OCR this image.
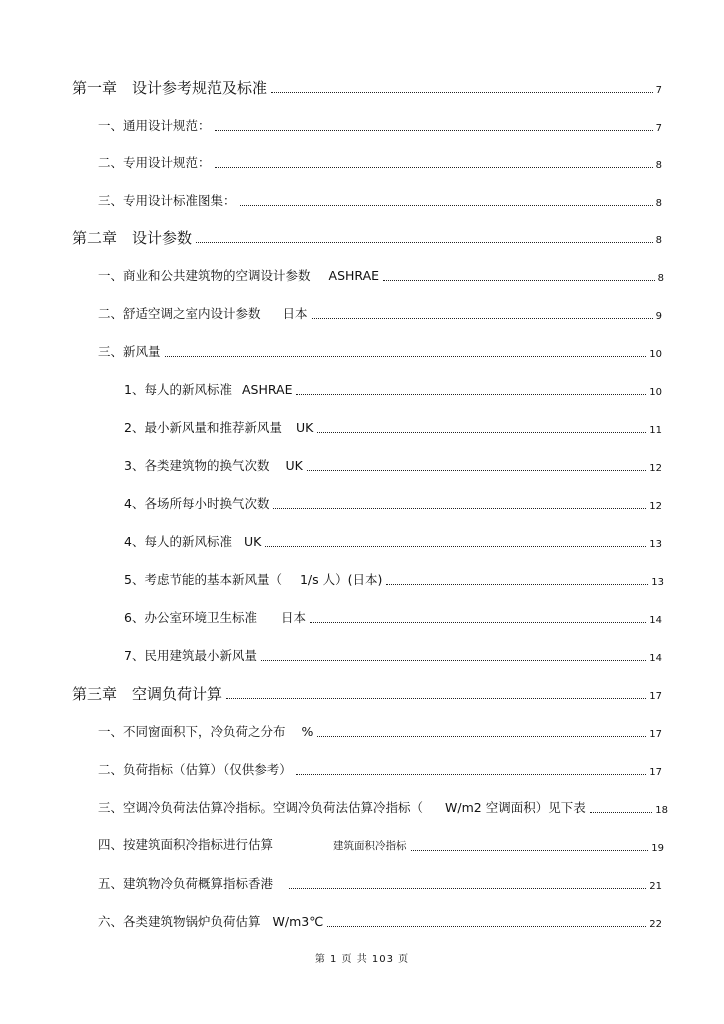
第一章　设计参考规范及标准	7
一、通用设计规范：	7
二、专用设计规范：	8
三、专用设计标准图集：	8
第二章　设计参数	8
一、商业和公共建筑物的空调设计参数 ASHRAE	8
二、舒适空调之室内设计参数 日本	9
三、新风量	10
1、每人的新风标准 ASHRAE	10
2、最小新风量和推荐新风量 UK	11
3、各类建筑物的换气次数 UK	12
4、各场所每小时换气次数	12
4、每人的新风标准 UK	13
5、考虑节能的基本新风量（ 1/s 人）(日本)	13
6、办公室环境卫生标准 日本	14
7、民用建筑最小新风量	14
第三章　空调负荷计算	17
一、不同窗面积下，冷负荷之分布 %	17
二、负荷指标（估算）（仅供参考）	17
三、空调冷负荷法估算冷指标。空调冷负荷法估算冷指标（ W/m2 空调面积）见下表	18
四、按建筑面积冷指标进行估算	建筑面积冷指标	19
五、建筑物冷负荷概算指标香港	21
六、各类建筑物锅炉负荷估算 W/m3℃	22
第 1 页 共 103 页
